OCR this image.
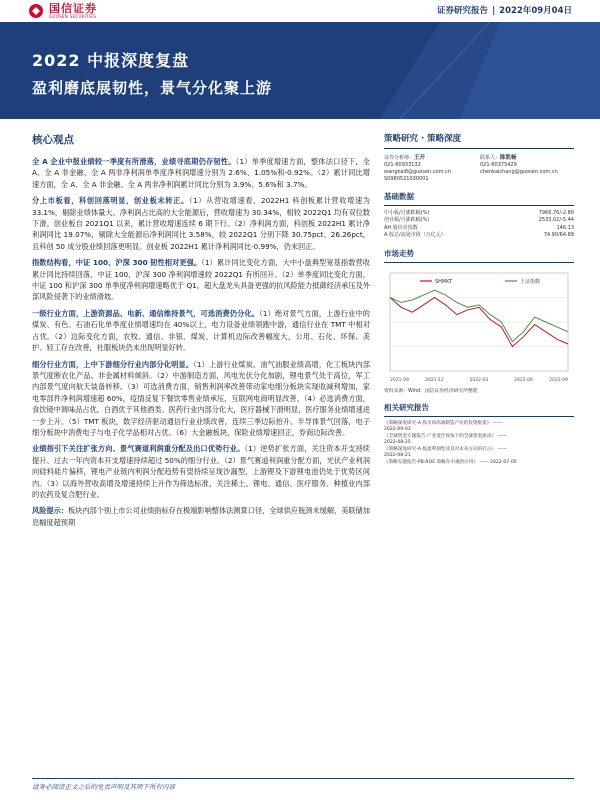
国信证券
GUOSEN SECURITIES	证券研究报告 | 2022年09月04日
2022 中报深度复盘
盈利磨底展韧性，景气分化聚上游
核心观点

全 A 企业中报业绩较一季度有所滑落，业绩寻底期仍存韧性。（1）单季度增速方面，整体法口径下，全 A、全 A 非金融、全 A 两非净利润单季度净利润增速分别为 2.6%、1.05%和-0.92%。（2）累计同比增速方面，全 A、全 A 非金融、全 A 两非净利润累计同比分别为 3.9%、5.6%和 3.7%。

分上市板看，科创回落明显，创业板未转正。（1）从营收增速看，2022H1 科创板累计营收增速为 33.1%，剔除业绩体量大、净利润占比高的大全能源后，营收增速为 30.34%，相较 2022Q1 均有双位数下滑。创业板自 2021Q1 以来，累计营收增速连续 6 期下行。（2）净利润方面，科创板 2022H1 累计净利润同比 19.07%，剔除大全能源后净利润同比 3.58%，较 2022Q1 分别下降 30.75pct、26.26pct，且科创 50 成分股业绩回落更明显。创业板 2022H1 累计净利润同比-0.99%，仍未回正。

指数结构看，中证 100、沪深 300 韧性相对更强。（1）累计同比变化方面，大中小盘典型宽基指数营收累计同比持续回落，中证 100、沪深 300 净利润增速较 2022Q1 有所回升。（2）单季度同比变化方面，中证 100 和沪深 300 单季度净利润增速略优于 Q1。超大盘龙头具备更强的抗风险能力抵御经济承压及外部风险侵袭下的业绩滑坡。

一级行业方面，上游资源品、电新、通信维持景气，可选消费仍分化。（1）绝对景气方面，上游行业中的煤炭、有色、石油石化单季度业绩增速均在 40%以上，电力设备业绩领跑中游，通信行业在 TMT 中相对占优。（2）边际变化方面，农牧、通信、非银、煤炭、计算机边际改善幅度大，公用、石化、环保、美护、轻工存在改善，社服板块仍未出现明显好转。

细分行业方面，上中下游细分行业内部分化明显。（1）上游行业煤炭、油气油服业绩高增，化工板块内部景气度断农化产品、非金属材料倾斜。（2）中游制造方面，风电光伏分化加剧，锂电景气处于高位，军工内部景气度向航天装备转移。（3）可选消费方面，销售利润率改善带动家电细分板块实现收减利增加，家电零部件净利润增速超 60%，疫情反复下餐饮零售业绩承压，互联网电商明显改善。（4）必选消费方面，食饮镜中调味品占优，白酒优于其他酒类。医药行业内部分化大，医疗器械下滑明显，医疗服务业绩增速进一步上升。（5）TMT 板块，数字经济驱动通信行业业绩改善，连续三季边际抬升。半导体景气回落，电子细分板块中消费电子与电子化学品相对占优。（6）大金融板块，保险业绩增速回正，券商边际改善。

业绩指引下关注扩张方向、景气赛道利润重分配及出口优势行业。（1）逆势扩张方面，关注资本开支持续提升、过去一年内资本开支增速持续超过 50%的细分行业。（2）景气赛道利润重分配方面，光伏产业利润向硅料硅片偏移，锂电产业链内利润分配趋势有望持续呈现沙漏型，上游锂及下游锂电池仍处于优势区间内。（3）以海外营收高增及增速持续上升作为筛选标准，关注稀土、锂电、通信、医疗服务、种植业内部的农药及复合肥行业。

风险提示：板块内部个别上市公司业绩指标存在极端影响整体法测算口径，全球供应瓶颈未缓解，美联储加息幅度超预期

策略研究 · 策略深度
证券分析师：王开
021-60933132
wangkai8@guosen.com.cn
S0980521030001
联系人：陈凯畅
021-60375429
chenkaichang@guosen.com.cn
基础数据
中小板/月涨跌幅(%)	7966.76/-2.80
创业板/月涨跌幅(%)	2533.02/-5.44
AH 股价差指数	146.13
A 股总/流通市值（万亿元）	74.90/64.88
市场走势
SHMKT	上证指数
2021-09	2021-12	2022-03	2022-06	2022-09
资料来源：Wind、国信证券经济研究所整理
相关研究报告
《策略深度研究-A 股市场高端制造产业的投资框架》 ——
2022-09-03
《全球资金专题报告-产业变迁视角下的全球资金流动》 ——
2022-08-25
《策略深度研究-A 股盈利韧性及其对未来方向的启示》 ——
2022-08-21
《策略专题报告-PB-ROE 策略在中观的应用》 —— 2022-07-05
请务必阅读正文之后的免责声明及其项下所有内容
